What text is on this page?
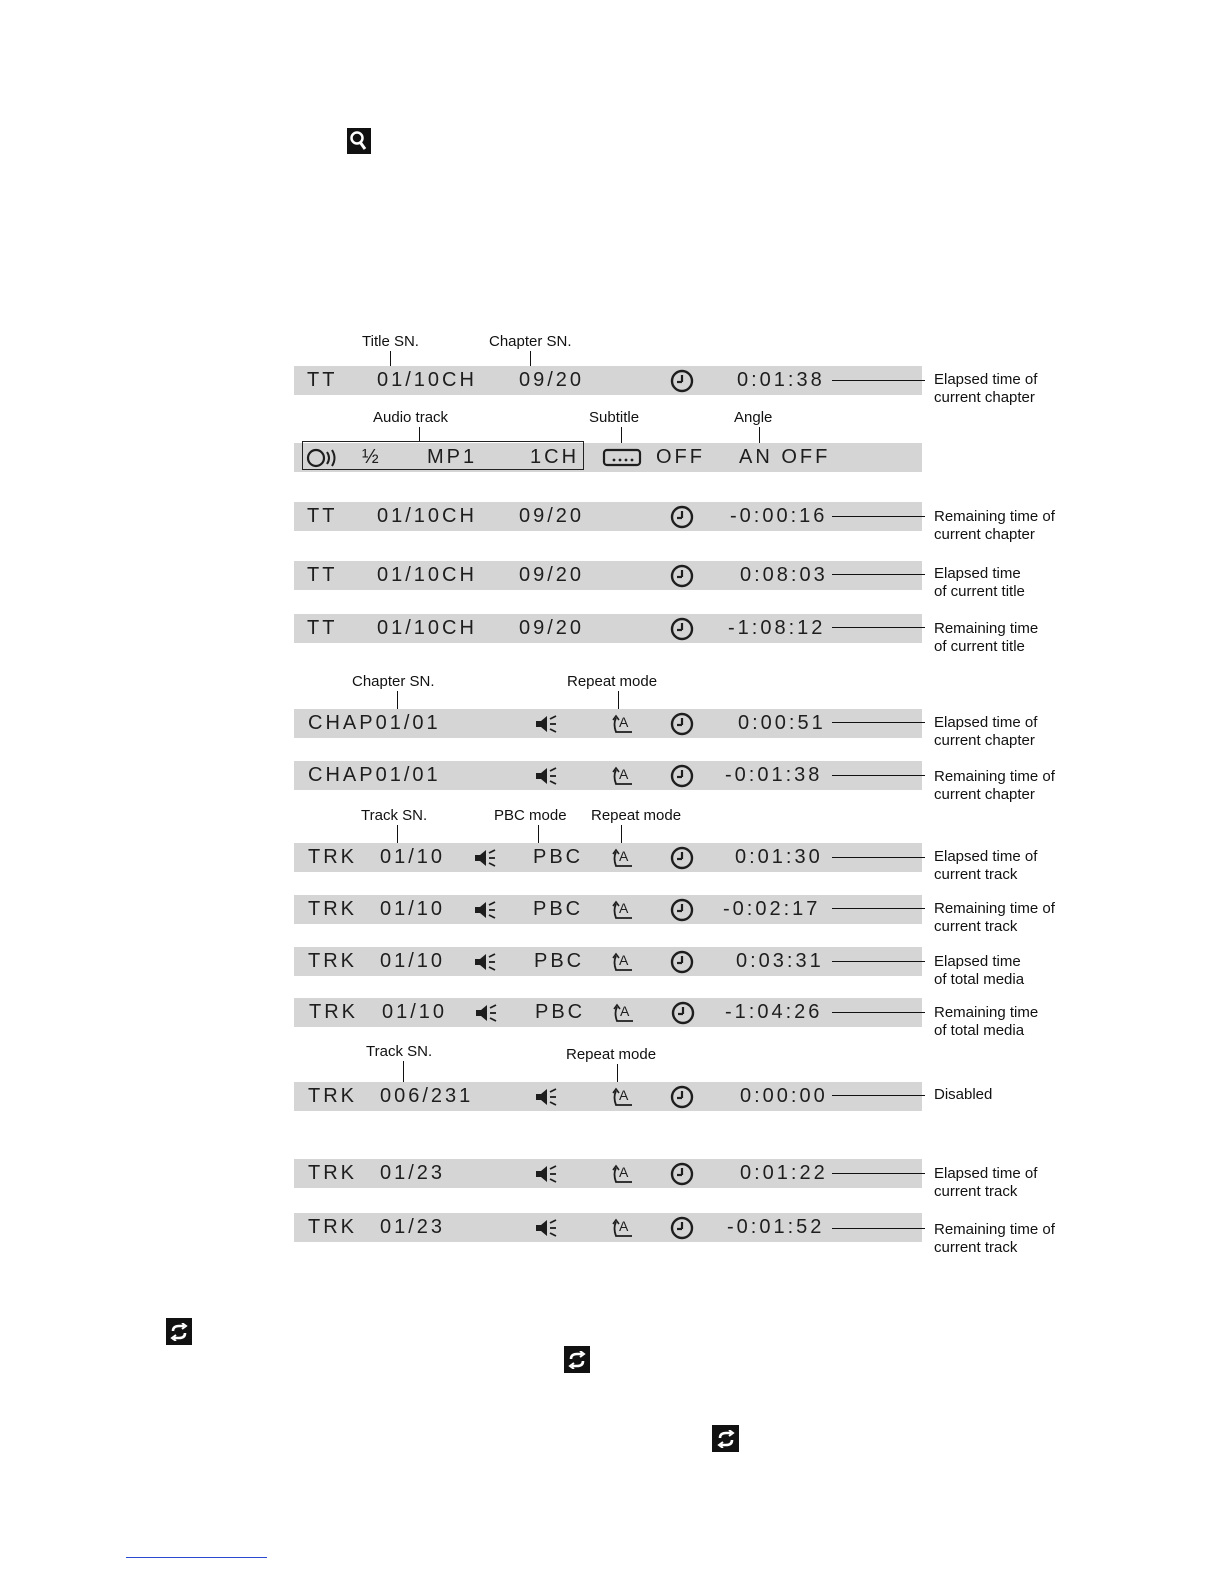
Title SN.	Chapter SN.
TT 01/10CH 09/20	0:01:38	Elapsed time of
current chapter
Audio track	Subtitle	Angle
½ MP1	1CH	OFF AN OFF
TT 01/10CH 09/20	-0:00:16	Remaining time of
current chapter
TT 01/10CH 09/20	0:08:03	Elapsed time
of current title
TT 01/10CH 09/20	-1:08:12	Remaining time
of current title
Chapter SN.	Repeat mode
CHAP01/01	A	0:00:51	Elapsed time of
current chapter
CHAP01/01	A	-0:01:38	Remaining time of
current chapter
Track SN.	PBC mode Repeat mode
TRK 01/10	PBC	A	0:01:30	Elapsed time of
current track
TRK 01/10	PBC	A	-0:02:17	Remaining time of
current track
TRK 01/10	PBC A	0:03:31	Elapsed time
of total media
TRK 01/10	PBC A	-1:04:26	Remaining time
of total media
Track SN.	Repeat mode
TRK 006/231	A	0:00:00	Disabled
TRK 01/23	A	0:01:22	Elapsed time of
current track
TRK 01/23	A	-0:01:52	Remaining time of
current track
